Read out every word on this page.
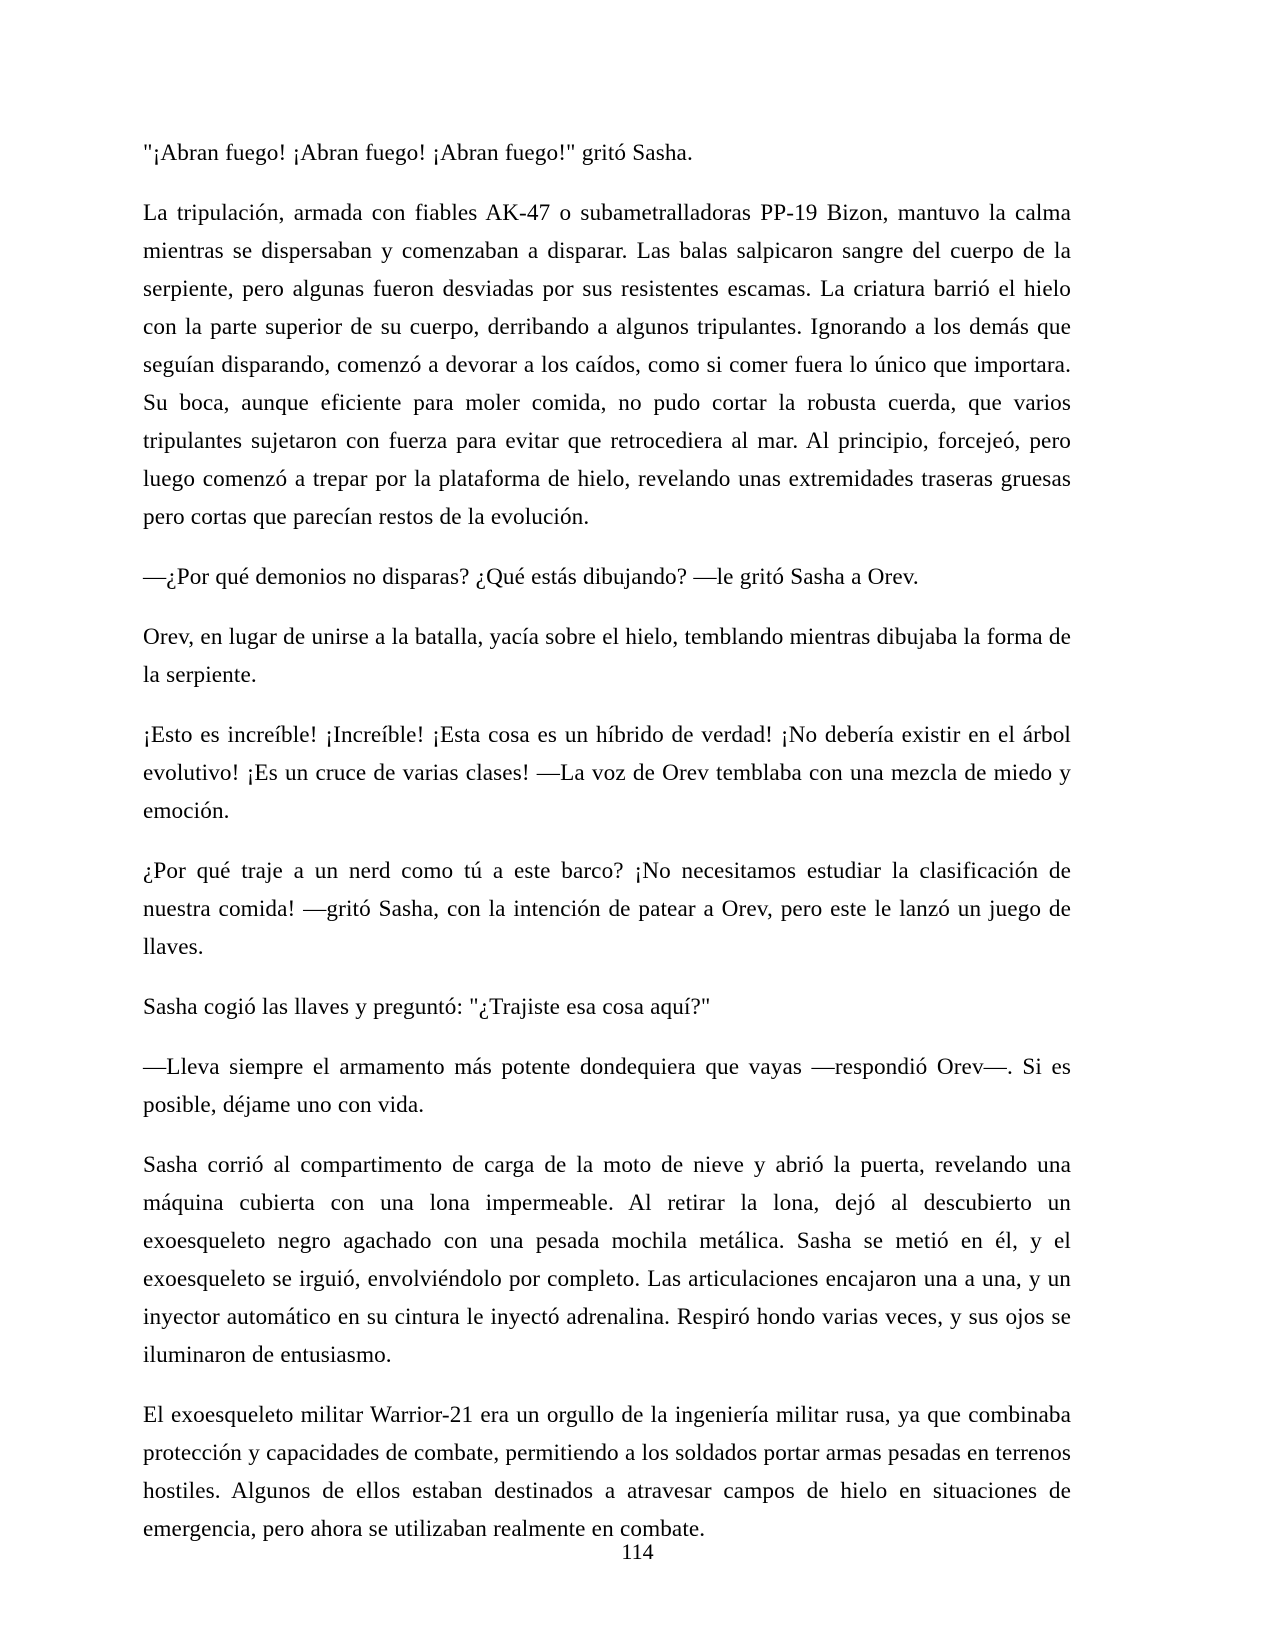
"¡Abran fuego! ¡Abran fuego! ¡Abran fuego!" gritó Sasha.

La tripulación, armada con fiables AK-47 o subametralladoras PP-19 Bizon, mantuvo la calma mientras se dispersaban y comenzaban a disparar. Las balas salpicaron sangre del cuerpo de la serpiente, pero algunas fueron desviadas por sus resistentes escamas. La criatura barrió el hielo con la parte superior de su cuerpo, derribando a algunos tripulantes. Ignorando a los demás que seguían disparando, comenzó a devorar a los caídos, como si comer fuera lo único que importara. Su boca, aunque eficiente para moler comida, no pudo cortar la robusta cuerda, que varios tripulantes sujetaron con fuerza para evitar que retrocediera al mar. Al principio, forcejeó, pero luego comenzó a trepar por la plataforma de hielo, revelando unas extremidades traseras gruesas pero cortas que parecían restos de la evolución.

—¿Por qué demonios no disparas? ¿Qué estás dibujando? —le gritó Sasha a Orev.

Orev, en lugar de unirse a la batalla, yacía sobre el hielo, temblando mientras dibujaba la forma de la serpiente.

¡Esto es increíble! ¡Increíble! ¡Esta cosa es un híbrido de verdad! ¡No debería existir en el árbol evolutivo! ¡Es un cruce de varias clases! —La voz de Orev temblaba con una mezcla de miedo y emoción.

¿Por qué traje a un nerd como tú a este barco? ¡No necesitamos estudiar la clasificación de nuestra comida! —gritó Sasha, con la intención de patear a Orev, pero este le lanzó un juego de llaves.

Sasha cogió las llaves y preguntó: "¿Trajiste esa cosa aquí?"

—Lleva siempre el armamento más potente dondequiera que vayas —respondió Orev—. Si es posible, déjame uno con vida.

Sasha corrió al compartimento de carga de la moto de nieve y abrió la puerta, revelando una máquina cubierta con una lona impermeable. Al retirar la lona, dejó al descubierto un exoesqueleto negro agachado con una pesada mochila metálica. Sasha se metió en él, y el exoesqueleto se irguió, envolviéndolo por completo. Las articulaciones encajaron una a una, y un inyector automático en su cintura le inyectó adrenalina. Respiró hondo varias veces, y sus ojos se iluminaron de entusiasmo.

El exoesqueleto militar Warrior-21 era un orgullo de la ingeniería militar rusa, ya que combinaba protección y capacidades de combate, permitiendo a los soldados portar armas pesadas en terrenos hostiles. Algunos de ellos estaban destinados a atravesar campos de hielo en situaciones de emergencia, pero ahora se utilizaban realmente en combate.

114
